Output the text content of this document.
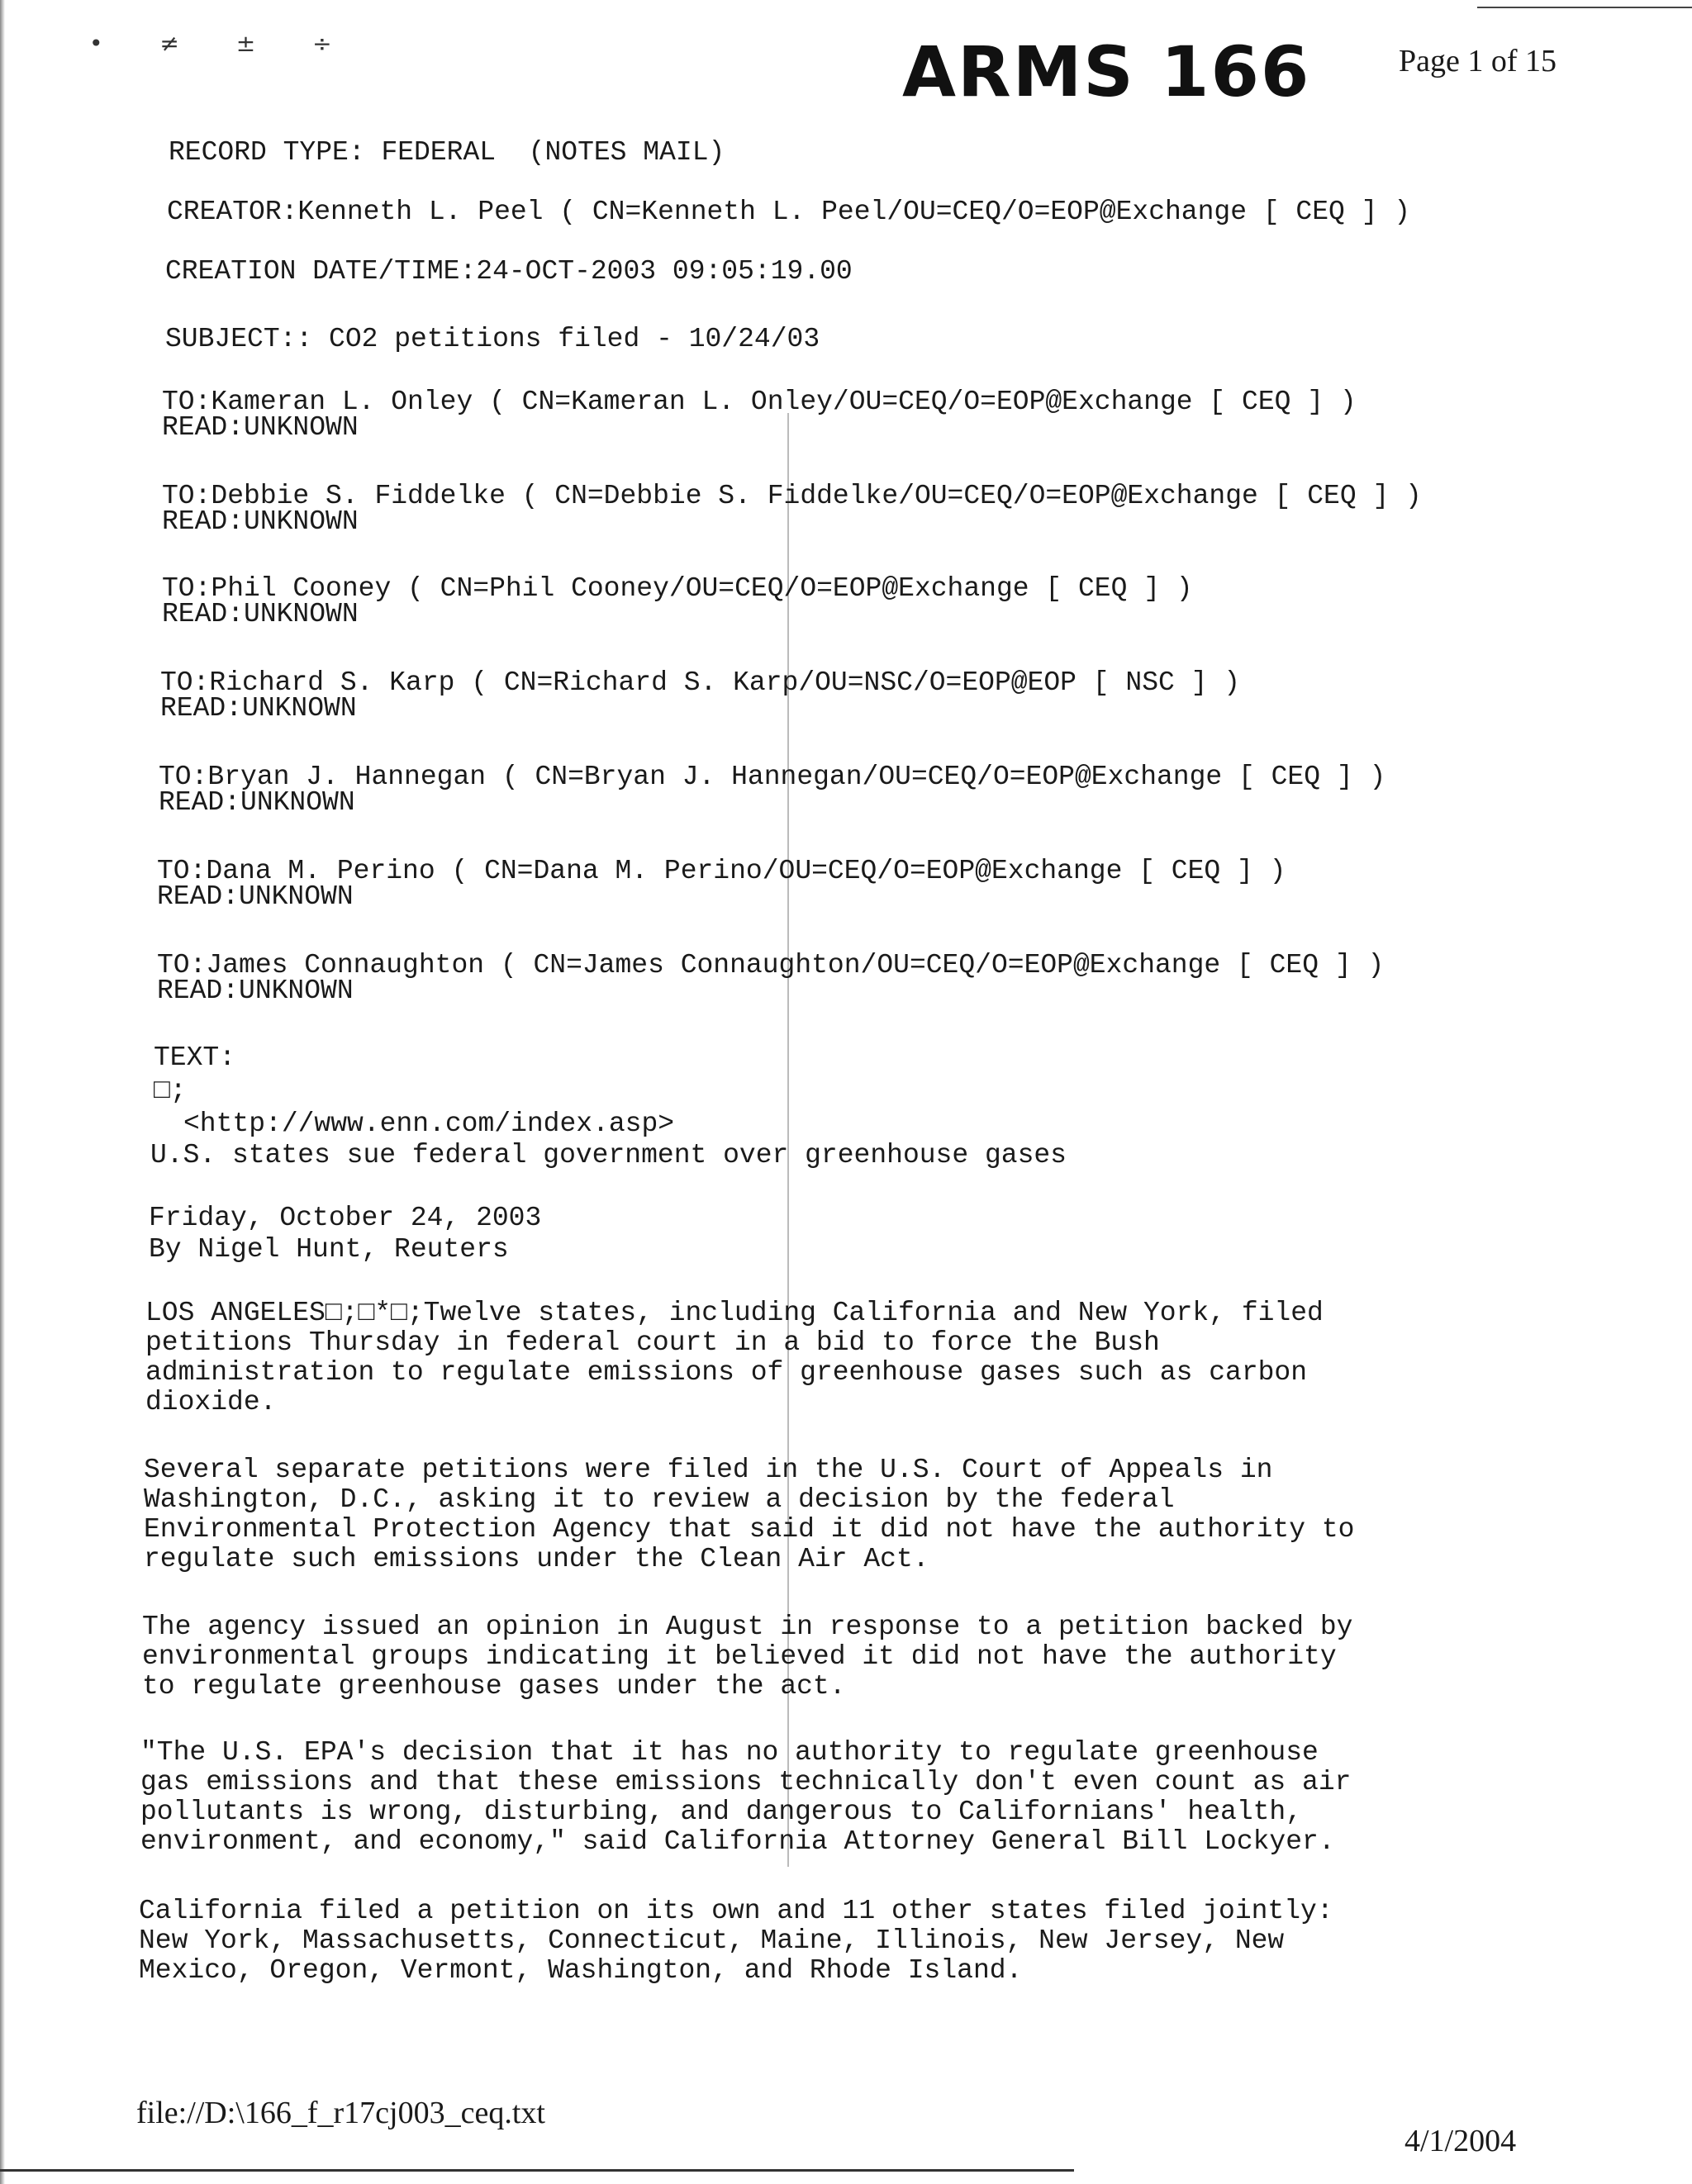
• ≠ ± ÷	ARMS 166	Page 1 of 15
RECORD TYPE: FEDERAL  (NOTES MAIL)
CREATOR:Kenneth L. Peel ( CN=Kenneth L. Peel/OU=CEQ/O=EOP@Exchange [ CEQ ] )
CREATION DATE/TIME:24-OCT-2003 09:05:19.00
SUBJECT:: CO2 petitions filed - 10/24/03
TO:Kameran L. Onley ( CN=Kameran L. Onley/OU=CEQ/O=EOP@Exchange [ CEQ ] )
READ:UNKNOWN
TO:Debbie S. Fiddelke ( CN=Debbie S. Fiddelke/OU=CEQ/O=EOP@Exchange [ CEQ ] )
READ:UNKNOWN
TO:Phil Cooney ( CN=Phil Cooney/OU=CEQ/O=EOP@Exchange [ CEQ ] )
READ:UNKNOWN
TO:Richard S. Karp ( CN=Richard S. Karp/OU=NSC/O=EOP@EOP [ NSC ] )
READ:UNKNOWN
TO:Bryan J. Hannegan ( CN=Bryan J. Hannegan/OU=CEQ/O=EOP@Exchange [ CEQ ] )
READ:UNKNOWN
TO:Dana M. Perino ( CN=Dana M. Perino/OU=CEQ/O=EOP@Exchange [ CEQ ] )
READ:UNKNOWN
TO:James Connaughton ( CN=James Connaughton/OU=CEQ/O=EOP@Exchange [ CEQ ] )
READ:UNKNOWN
TEXT:
□;
<http://www.enn.com/index.asp>
U.S. states sue federal government over greenhouse gases
Friday, October 24, 2003
By Nigel Hunt, Reuters
LOS ANGELES□;□*□;Twelve states, including California and New York, filed
petitions Thursday in federal court in a bid to force the Bush
administration to regulate emissions of greenhouse gases such as carbon
dioxide.
Several separate petitions were filed in the U.S. Court of Appeals in
Washington, D.C., asking it to review a decision by the federal
Environmental Protection Agency that said it did not have the authority to
regulate such emissions under the Clean Air Act.
The agency issued an opinion in August in response to a petition backed by
environmental groups indicating it believed it did not have the authority
to regulate greenhouse gases under the act.
"The U.S. EPA's decision that it has no authority to regulate greenhouse
gas emissions and that these emissions technically don't even count as air
pollutants is wrong, disturbing, and dangerous to Californians' health,
environment, and economy," said California Attorney General Bill Lockyer.
California filed a petition on its own and 11 other states filed jointly:
New York, Massachusetts, Connecticut, Maine, Illinois, New Jersey, New
Mexico, Oregon, Vermont, Washington, and Rhode Island.
file://D:\166_f_r17cj003_ceq.txt
4/1/2004
